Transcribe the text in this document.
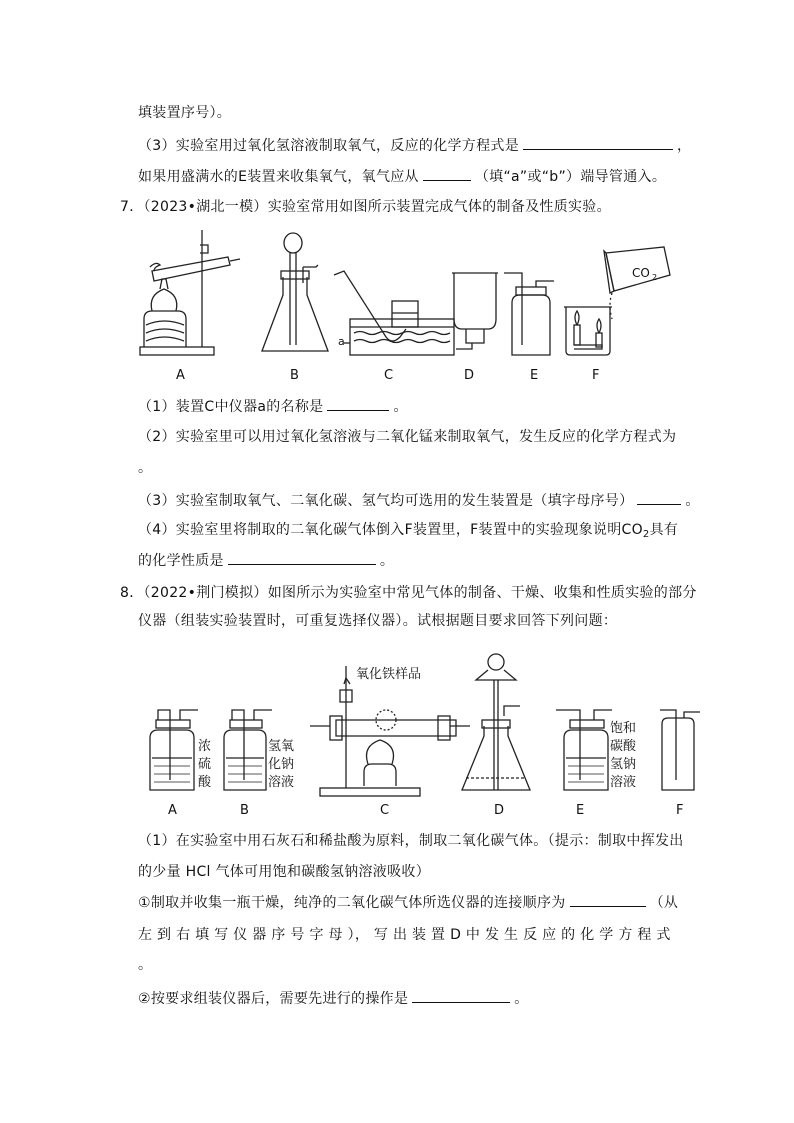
填装置序号）。
（3）实验室用过氧化氢溶液制取氧气，反应的化学方程式是	，
如果用盛满水的E装置来收集氧气，氧气应从	（填“a”或“b”）端导管通入。
7．（2023•湖北一模）实验室常用如图所示装置完成气体的制备及性质实验。
CO 2
a
A	B	C	D	E	F
（1）装置C中仪器a的名称是	。
（2）实验室里可以用过氧化氢溶液与二氧化锰来制取氧气，发生反应的化学方程式为
。
（3）实验室制取氧气、二氧化碳、氢气均可选用的发生装置是（填字母序号）	。
（4）实验室里将制取的二氧化碳气体倒入F装置里，F装置中的实验现象说明$CO_2$具有
的化学性质是	。
8．（2022•荆门模拟）如图所示为实验室中常见气体的制备、干燥、收集和性质实验的部分
仪器（组装实验装置时，可重复选择仪器）。试根据题目要求回答下列问题：
浓
硫
酸
氢氧
化钠
溶液
氧化铁样品
饱和
碳酸
氢钠
溶液
A	B	C	D	E	F
（1）在实验室中用石灰石和稀盐酸为原料，制取二氧化碳气体。（提示：制取中挥发出
的少量 HCl 气体可用饱和碳酸氢钠溶液吸收）
①制取并收集一瓶干燥，纯净的二氧化碳气体所选仪器的连接顺序为	（从
左 到 右 填 写 仪 器 序 号 字 母 ）， 写 出 装 置 D 中 发 生 反 应 的 化 学 方 程 式
。
②按要求组装仪器后，需要先进行的操作是	。
